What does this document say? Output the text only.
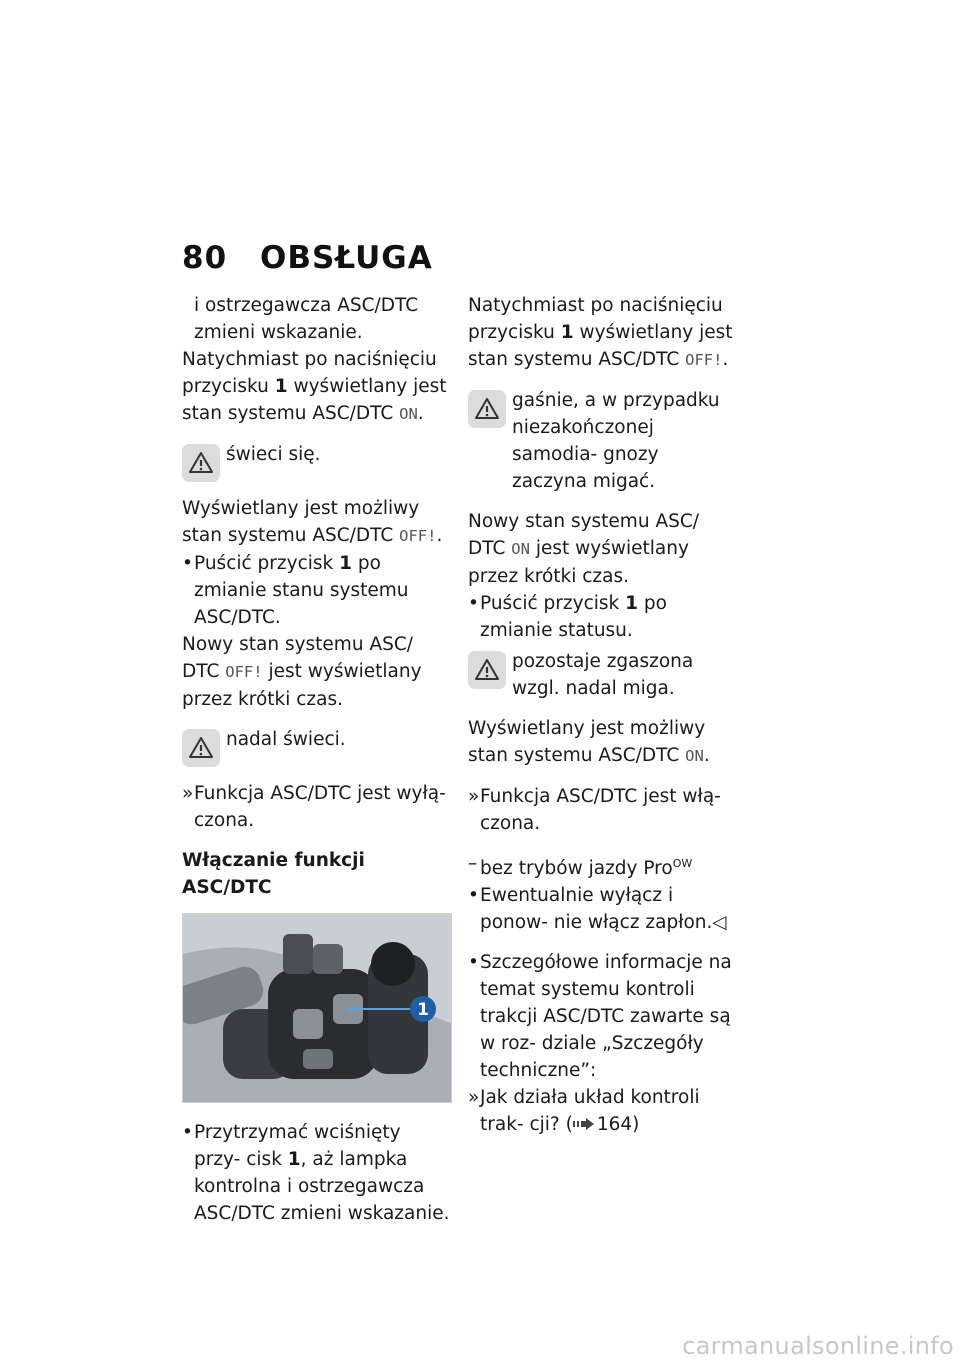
80 OBSŁUGA
i ostrzegawcza ASC/DTC zmieni wskazanie.
Natychmiast po naciśnięciu przycisku 1 wyświetlany jest stan systemu ASC/DTC ON.
świeci się.
Wyświetlany jest możliwy stan systemu ASC/DTC OFF!.
• Puścić przycisk 1 po zmianie stanu systemu ASC/DTC.
Nowy stan systemu ASC/ DTC OFF! jest wyświetlany przez krótki czas.
nadal świeci.
» Funkcja ASC/DTC jest wyłą- czona.
Włączanie funkcji ASC/DTC
1
• Przytrzymać wciśnięty przy- cisk 1, aż lampka kontrolna i ostrzegawcza ASC/DTC zmieni wskazanie.
Natychmiast po naciśnięciu przycisku 1 wyświetlany jest stan systemu ASC/DTC OFF!.
gaśnie, a w przypadku niezakończonej samodia- gnozy zaczyna migać.
Nowy stan systemu ASC/ DTC ON jest wyświetlany przez krótki czas.
• Puścić przycisk 1 po zmianie statusu.
pozostaje zgaszona wzgl. nadal miga.
Wyświetlany jest możliwy stan systemu ASC/DTC ON.
» Funkcja ASC/DTC jest włą- czona.
– bez trybów jazdy Pro$^{OW}$
• Ewentualnie wyłącz i ponow- nie włącz zapłon.◁
• Szczegółowe informacje na temat systemu kontroli trakcji ASC/DTC zawarte są w roz- dziale „Szczegóły techniczne”:
» Jak działa układ kontroli trak- cji? ( 164)
carmanualsonline.info
